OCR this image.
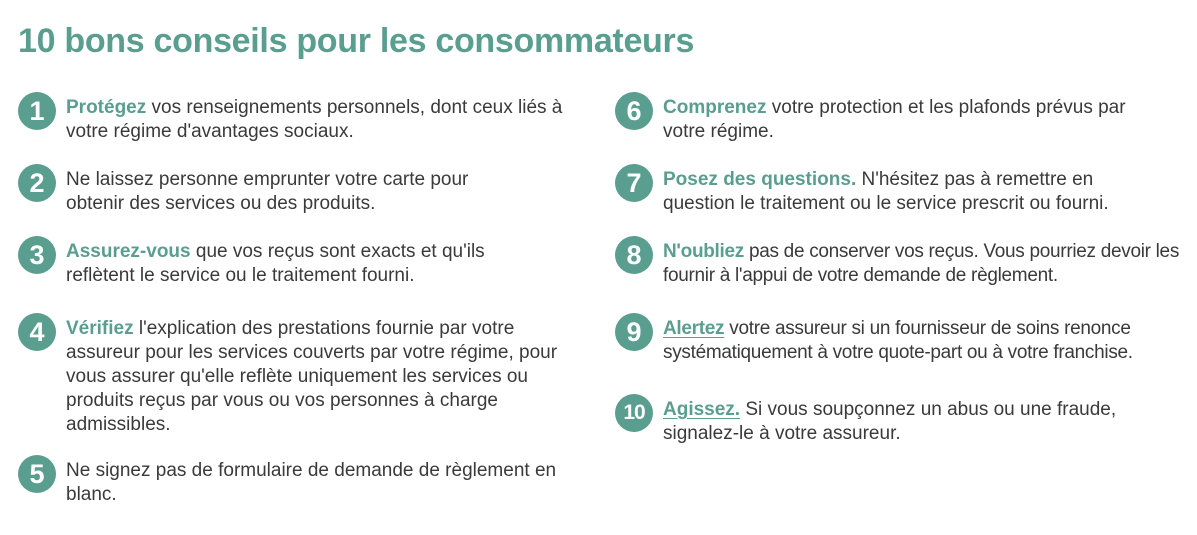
10 bons conseils pour les consommateurs
1	Protégez vos renseignements personnels, dont ceux liés à votre régime d'avantages sociaux.

2	Ne laissez personne emprunter votre carte pour obtenir des services ou des produits.

3	Assurez-vous que vos reçus sont exacts et qu'ils reflètent le service ou le traitement fourni.

4	Vérifiez l'explication des prestations fournie par votre assureur pour les services couverts par votre régime, pour vous assurer qu'elle reflète uniquement les services ou produits reçus par vous ou vos personnes à charge admissibles.

5	Ne signez pas de formulaire de demande de règlement en blanc.

6	Comprenez votre protection et les plafonds prévus par votre régime.

7	Posez des questions. N'hésitez pas à remettre en question le traitement ou le service prescrit ou fourni.

8	N'oubliez pas de conserver vos reçus. Vous pourriez devoir les fournir à l'appui de votre demande de règlement.

9	Alertez votre assureur si un fournisseur de soins renonce systématiquement à votre quote-part ou à votre franchise.

10 Agissez. Si vous soupçonnez un abus ou une fraude, signalez-le à votre assureur.
